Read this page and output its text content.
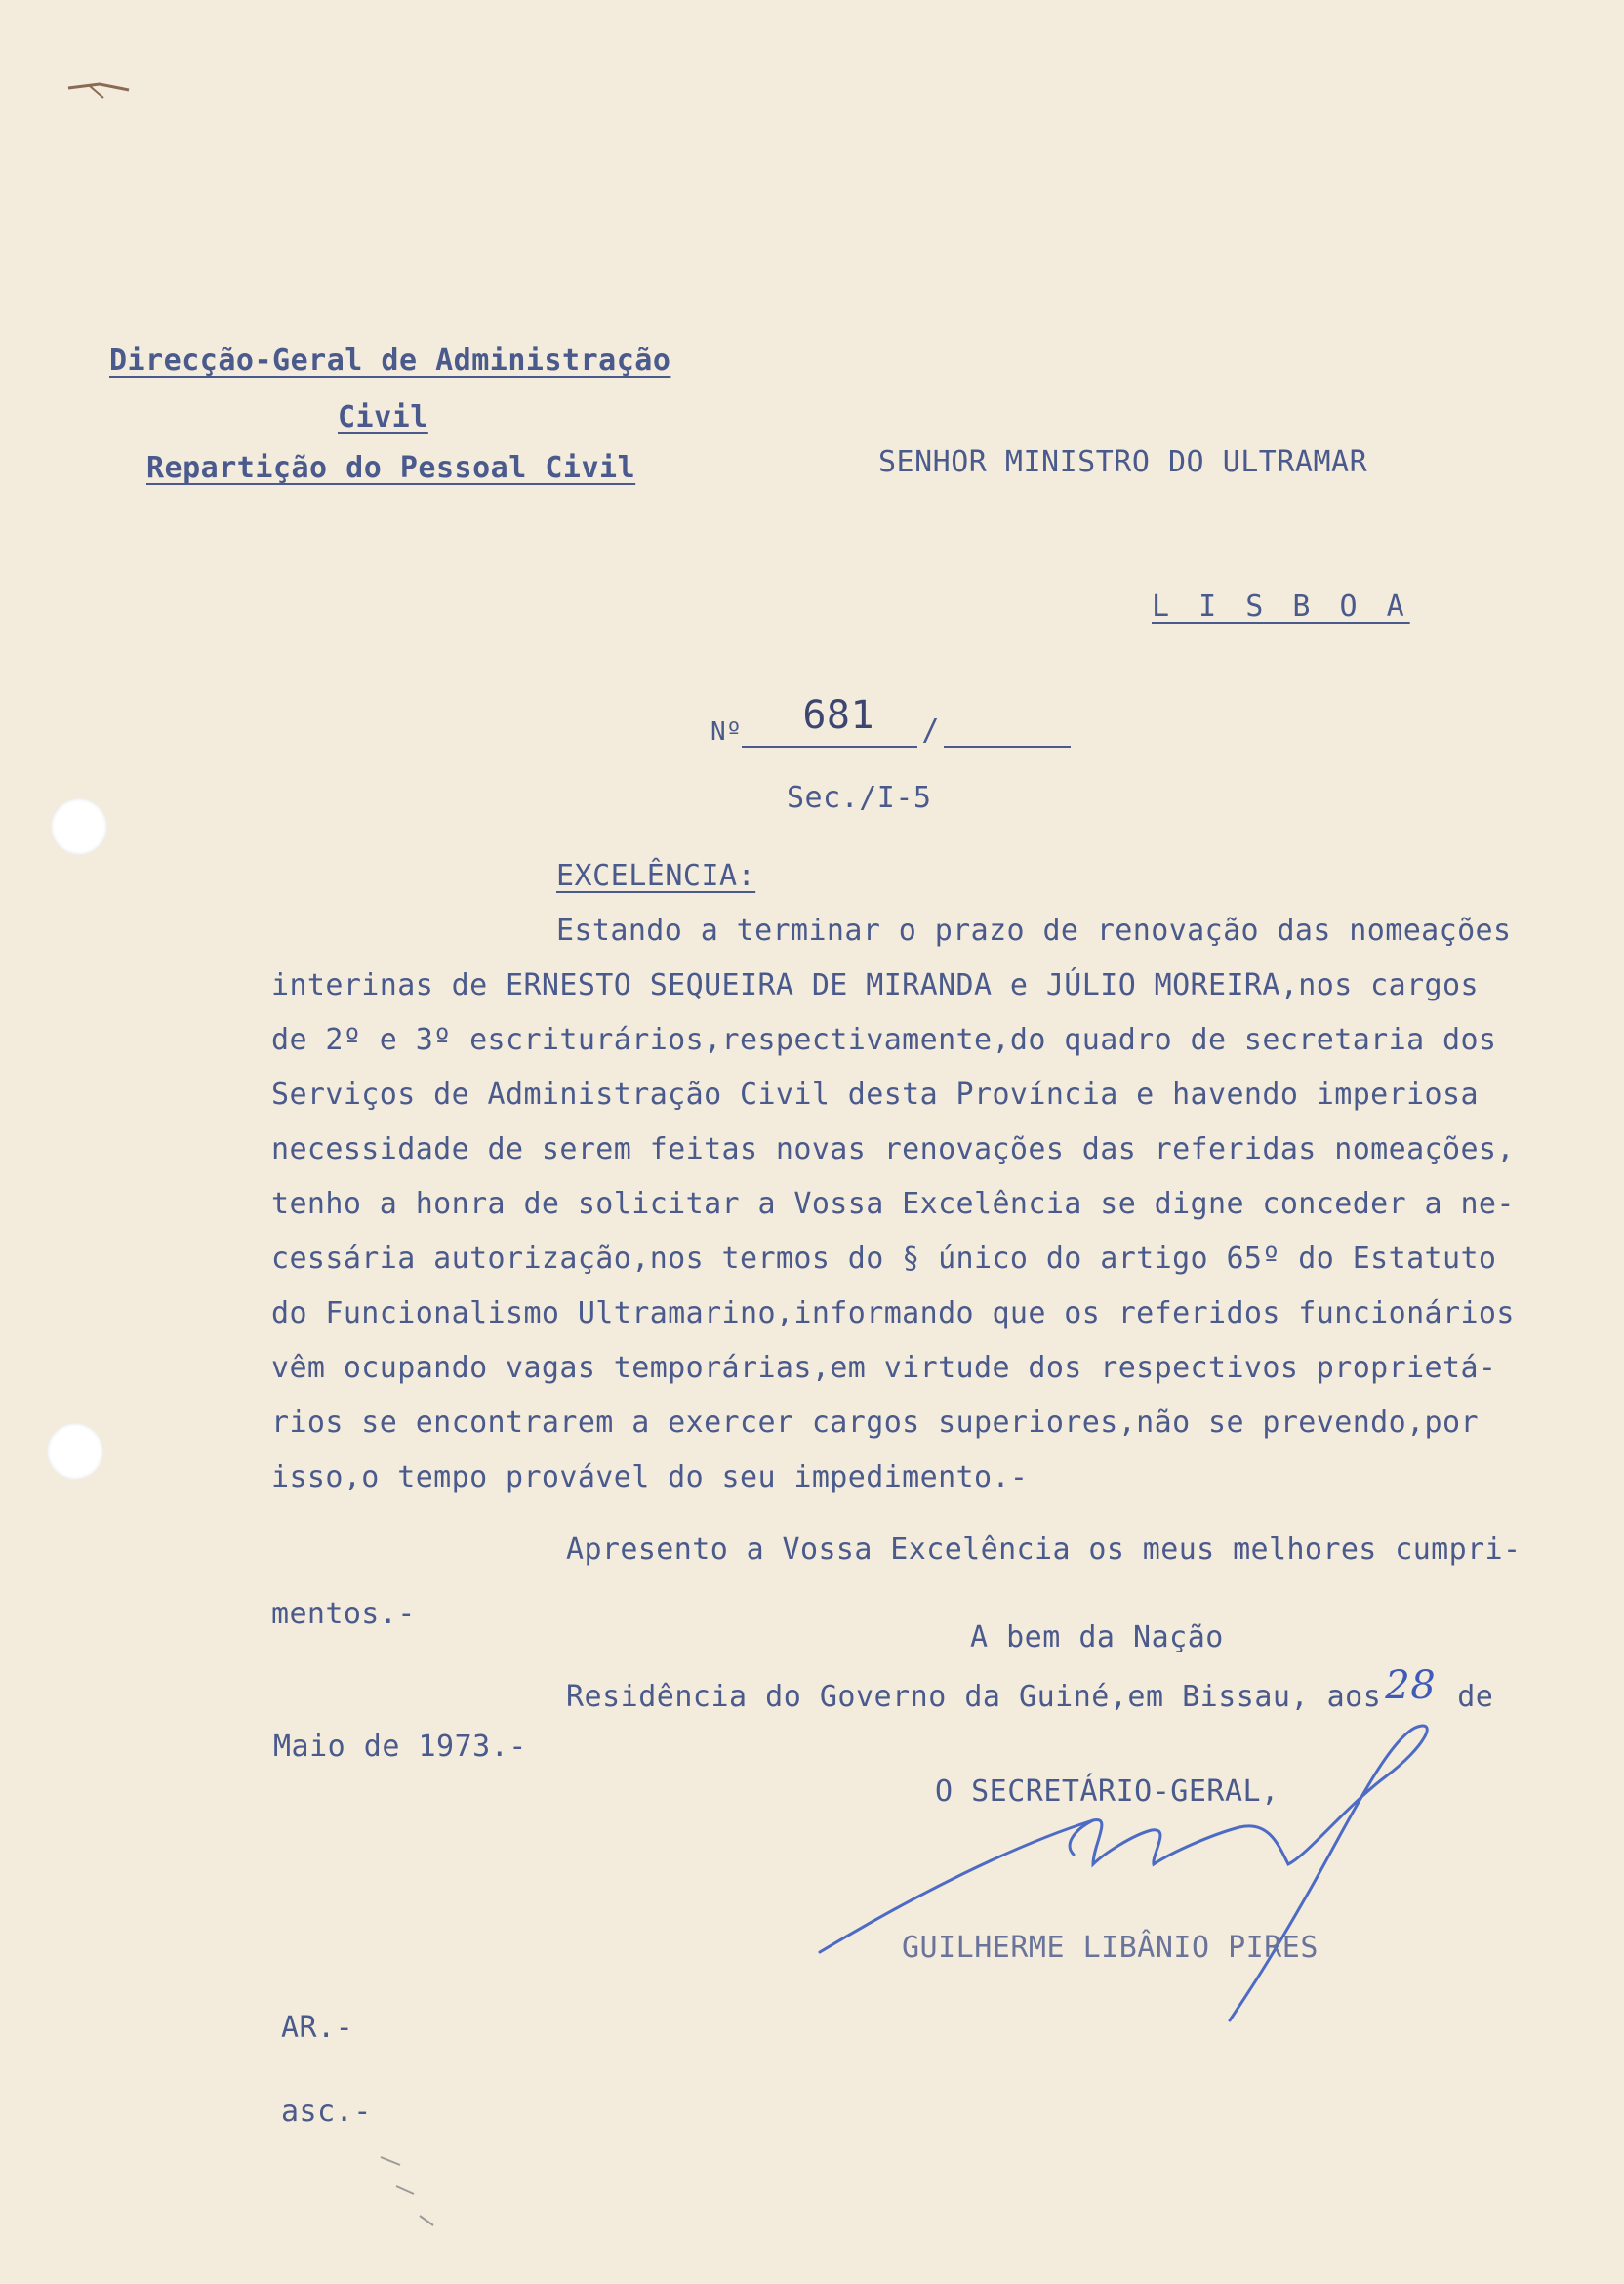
Direcção-Geral de Administração
Civil
Repartição do Pessoal Civil	SENHOR MINISTRO DO ULTRAMAR
L I S B O A
Nº 681 /
Sec./I-5
EXCELÊNCIA:
Estando a terminar o prazo de renovação das nomeações
interinas de ERNESTO SEQUEIRA DE MIRANDA e JÚLIO MOREIRA,nos cargos
de 2º e 3º escriturários,respectivamente,do quadro de secretaria dos
Serviços de Administração Civil desta Província e havendo imperiosa
necessidade de serem feitas novas renovações das referidas nomeações,
tenho a honra de solicitar a Vossa Excelência se digne conceder a ne-
cessária autorização,nos termos do § único do artigo 65º do Estatuto
do Funcionalismo Ultramarino,informando que os referidos funcionários
vêm ocupando vagas temporárias,em virtude dos respectivos proprietá-
rios se encontrarem a exercer cargos superiores,não se prevendo,por
isso,o tempo provável do seu impedimento.-
Apresento a Vossa Excelência os meus melhores cumpri-
mentos.-
A bem da Nação
Residência do Governo da Guiné,em Bissau, aos 28 de
Maio de 1973.-
O SECRETÁRIO-GERAL,
GUILHERME LIBÂNIO PIRES
AR.-
asc.-
